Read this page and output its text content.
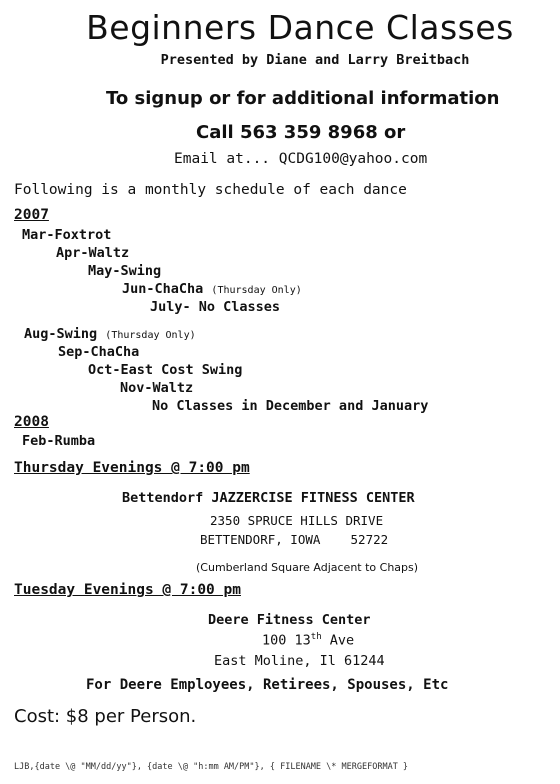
Beginners Dance Classes
Presented by Diane and Larry Breitbach
To signup or for additional information
Call 563 359 8968 or
Email at... QCDG100@yahoo.com
Following is a monthly schedule of each dance
2007
Mar-Foxtrot
Apr-Waltz
May-Swing
Jun-ChaCha (Thursday Only)
July- No Classes
Aug-Swing (Thursday Only)
Sep-ChaCha
Oct-East Cost Swing
Nov-Waltz
No Classes in December and January
2008
Feb-Rumba
Thursday Evenings @ 7:00 pm
Bettendorf JAZZERCISE FITNESS CENTER
2350 SPRUCE HILLS DRIVE
BETTENDORF, IOWA    52722
(Cumberland Square Adjacent to Chaps)
Tuesday Evenings @ 7:00 pm
Deere Fitness Center
100 13th Ave
East Moline, Il 61244
For Deere Employees, Retirees, Spouses, Etc
Cost: $8 per Person.
LJB,{date \@ "MM/dd/yy"}, {date \@ "h:mm AM/PM"}, { FILENAME \* MERGEFORMAT }
